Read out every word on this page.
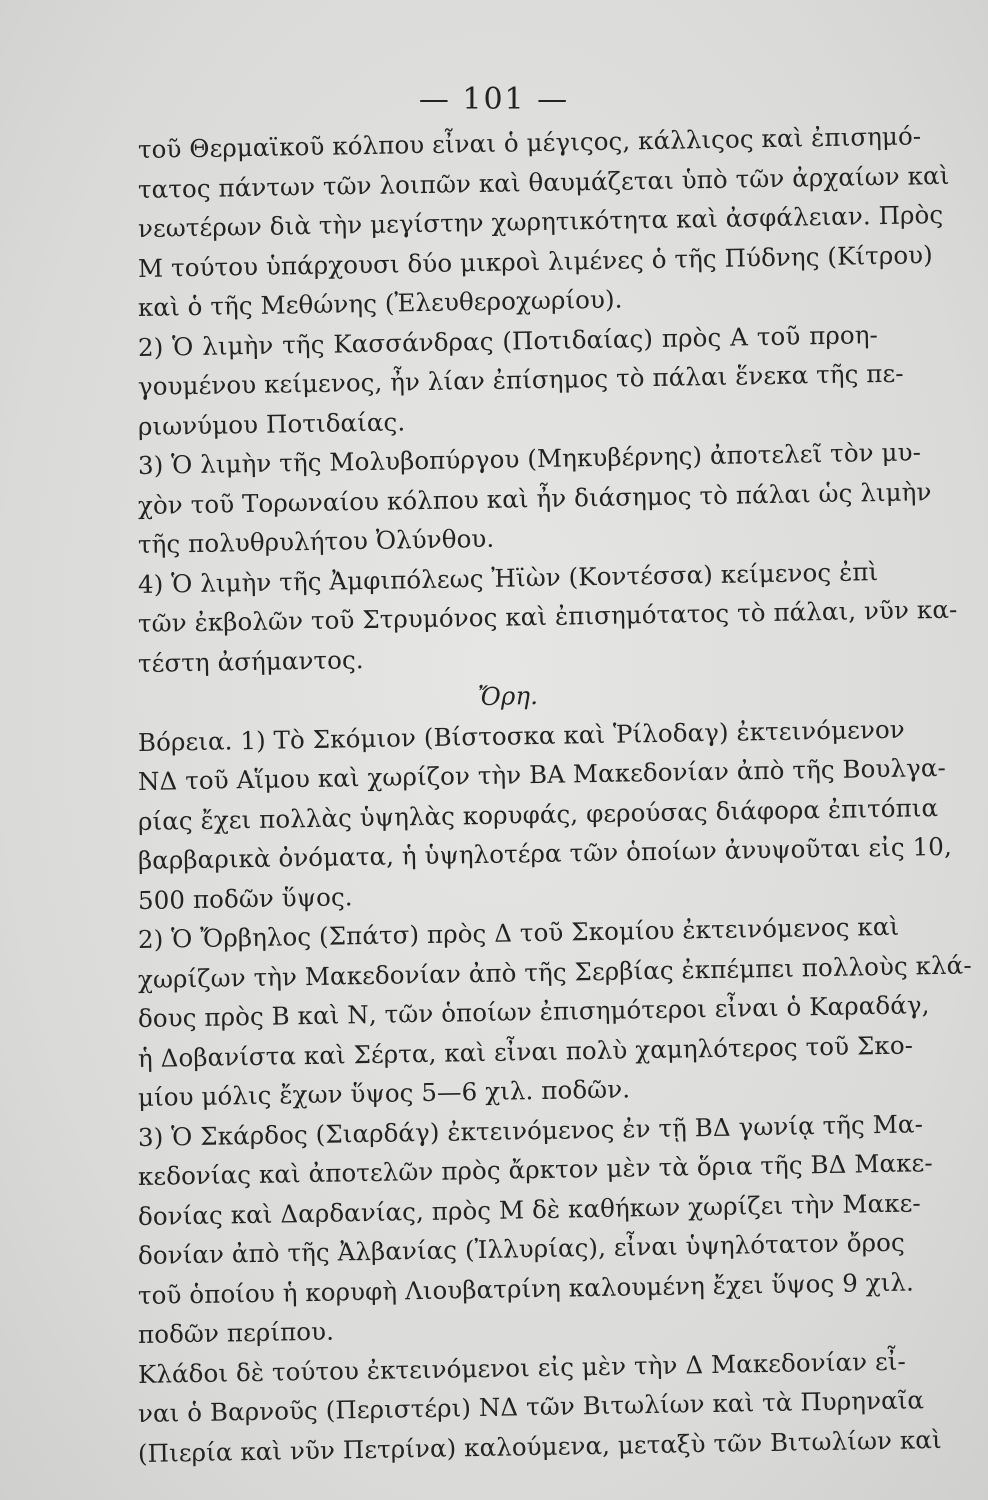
— 101 —
τοῦ Θερμαϊκοῦ κόλπου εἶναι ὁ μέγιςος, κάλλιςος καὶ ἐπισημό-
τατος πάντων τῶν λοιπῶν καὶ θαυμάζεται ὑπὸ τῶν ἀρχαίων καὶ
νεωτέρων διὰ τὴν μεγίστην χωρητικότητα καὶ ἀσφάλειαν. Πρὸς
Μ τούτου ὑπάρχουσι δύο μικροὶ λιμένες ὁ τῆς Πύδνης (Κίτρου)
καὶ ὁ τῆς Μεθώνης (Ἐλευθεροχωρίου).
2) Ὁ λιμὴν τῆς Κασσάνδρας (Ποτιδαίας) πρὸς Α τοῦ προη-
γουμένου κείμενος, ἦν λίαν ἐπίσημος τὸ πάλαι ἕνεκα τῆς πε-
ριωνύμου Ποτιδαίας.
3) Ὁ λιμὴν τῆς Μολυβοπύργου (Μηκυβέρνης) ἀποτελεῖ τὸν μυ-
χὸν τοῦ Τορωναίου κόλπου καὶ ἦν διάσημος τὸ πάλαι ὡς λιμὴν
τῆς πολυθρυλήτου Ὀλύνθου.
4) Ὁ λιμὴν τῆς Ἀμφιπόλεως Ἠϊὼν (Κοντέσσα) κείμενος ἐπὶ
τῶν ἐκβολῶν τοῦ Στρυμόνος καὶ ἐπισημότατος τὸ πάλαι, νῦν κα-
τέστη ἀσήμαντος.
Ὄρη.
Βόρεια. 1) Τὸ Σκόμιον (Βίστοσκα καὶ Ῥίλοδαγ) ἐκτεινόμενον
ΝΔ τοῦ Αἵμου καὶ χωρίζον τὴν ΒΑ Μακεδονίαν ἀπὸ τῆς Βουλγα-
ρίας ἔχει πολλὰς ὑψηλὰς κορυφάς, φερούσας διάφορα ἐπιτόπια
βαρβαρικὰ ὀνόματα, ἡ ὑψηλοτέρα τῶν ὁποίων ἀνυψοῦται εἰς 10,
500 ποδῶν ὕψος.
2) Ὁ Ὄρβηλος (Σπάτσ) πρὸς Δ τοῦ Σκομίου ἐκτεινόμενος καὶ
χωρίζων τὴν Μακεδονίαν ἀπὸ τῆς Σερβίας ἐκπέμπει πολλοὺς κλά-
δους πρὸς Β καὶ Ν, τῶν ὁποίων ἐπισημότεροι εἶναι ὁ Καραδάγ,
ἡ Δοβανίστα καὶ Σέρτα, καὶ εἶναι πολὺ χαμηλότερος τοῦ Σκο-
μίου μόλις ἔχων ὕψος 5—6 χιλ. ποδῶν.
3) Ὁ Σκάρδος (Σιαρδάγ) ἐκτεινόμενος ἐν τῇ ΒΔ γωνίᾳ τῆς Μα-
κεδονίας καὶ ἀποτελῶν πρὸς ἄρκτον μὲν τὰ ὅρια τῆς ΒΔ Μακε-
δονίας καὶ Δαρδανίας, πρὸς Μ δὲ καθήκων χωρίζει τὴν Μακε-
δονίαν ἀπὸ τῆς Ἀλβανίας (Ἰλλυρίας), εἶναι ὑψηλότατον ὄρος
τοῦ ὁποίου ἡ κορυφὴ Λιουβατρίνη καλουμένη ἔχει ὕψος 9 χιλ.
ποδῶν περίπου.
Κλάδοι δὲ τούτου ἐκτεινόμενοι εἰς μὲν τὴν Δ Μακεδονίαν εἶ-
ναι ὁ Βαρνοῦς (Περιστέρι) ΝΔ τῶν Βιτωλίων καὶ τὰ Πυρηναῖα
(Πιερία καὶ νῦν Πετρίνα) καλούμενα, μεταξὺ τῶν Βιτωλίων καὶ
